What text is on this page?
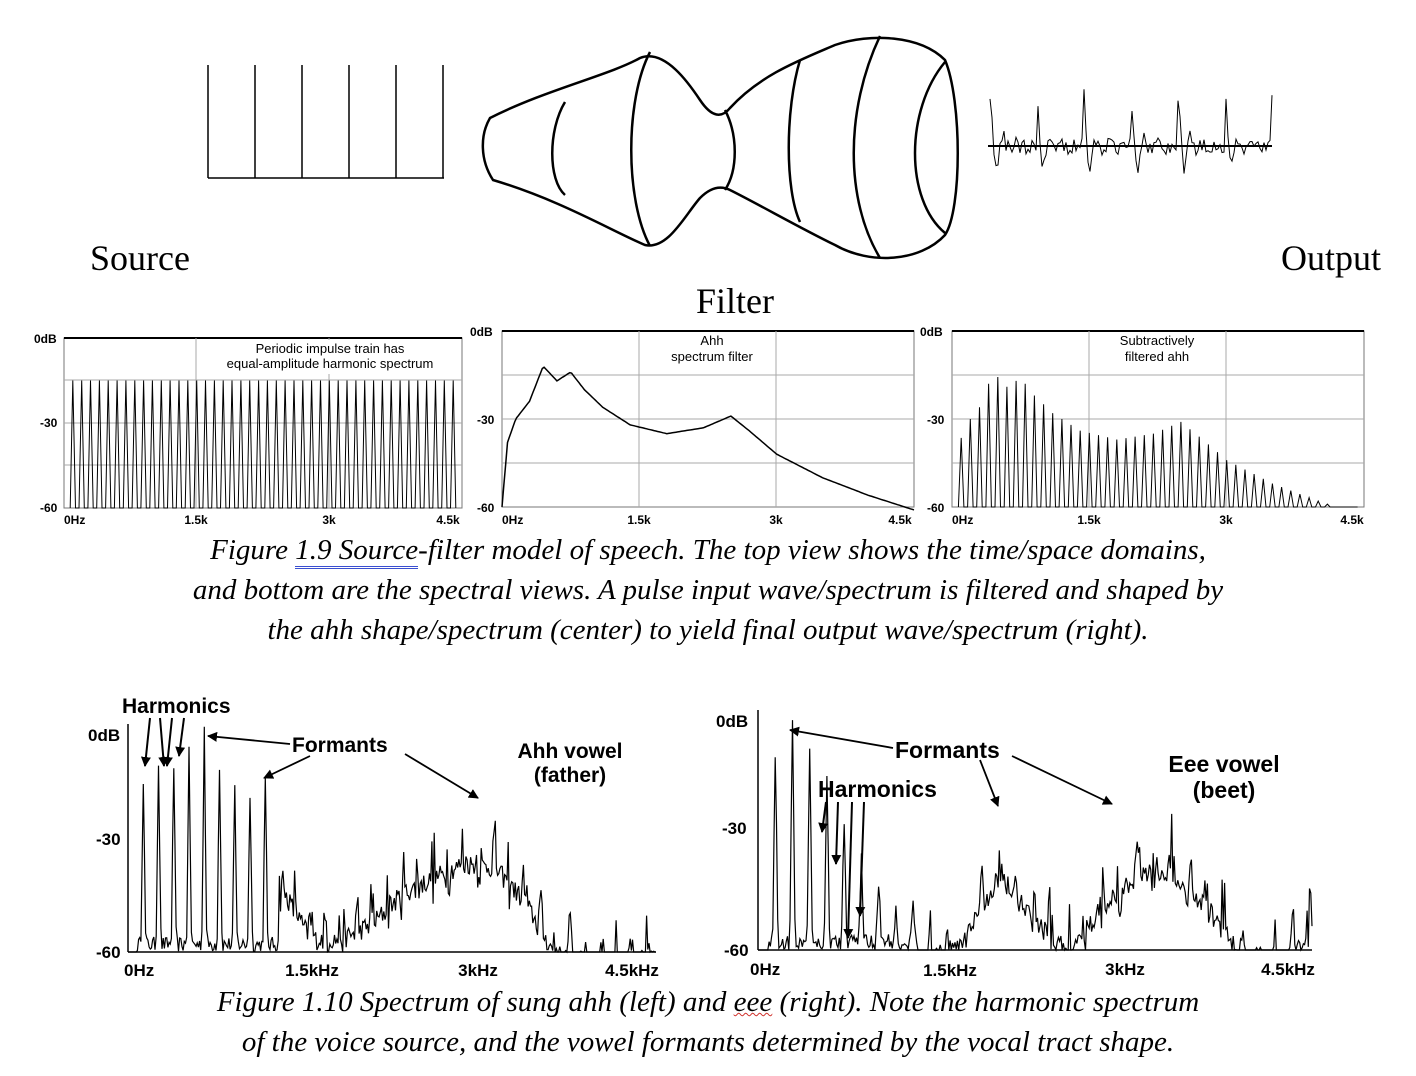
Source
Filter
Output
Periodic impulse train has
equal-amplitude harmonic spectrum
0dB
-30
-60
0Hz	1.5k	3k	4.5k
Ahh
spectrum filter
0dB
-30
-60
0Hz	1.5k	3k	4.5k
Subtractively
filtered ahh
0dB
-30
-60
0Hz	1.5k	3k	4.5k
Figure 1.9 Source-filter model of speech. The top view shows the time/space domains,
and bottom are the spectral views. A pulse input wave/spectrum is filtered and shaped by
the ahh shape/spectrum (center) to yield final output wave/spectrum (right).
Harmonics
Formants	Ahh vowel
(father)
0dB
-30
-60
0Hz	1.5kHz	3kHz	4.5kHz
Formants
Harmonics
Eee vowel
(beet)
0dB
-30
-60
0Hz	1.5kHz	3kHz	4.5kHz
Figure 1.10 Spectrum of sung ahh (left) and eee (right). Note the harmonic spectrum
of the voice source, and the vowel formants determined by the vocal tract shape.
